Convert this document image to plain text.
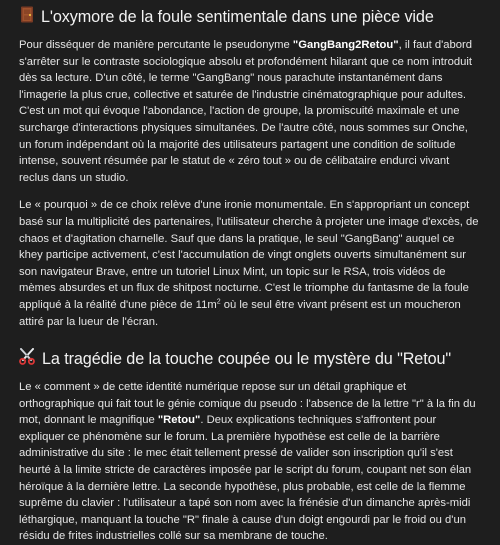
L'oxymore de la foule sentimentale dans une pièce vide

Pour disséquer de manière percutante le pseudonyme "GangBang2Retou", il faut d'abord s'arrêter sur le contraste sociologique absolu et profondément hilarant que ce nom introduit dès sa lecture. D'un côté, le terme "GangBang" nous parachute instantanément dans l'imagerie la plus crue, collective et saturée de l'industrie cinématographique pour adultes. C'est un mot qui évoque l'abondance, l'action de groupe, la promiscuité maximale et une surcharge d'interactions physiques simultanées. De l'autre côté, nous sommes sur Onche, un forum indépendant où la majorité des utilisateurs partagent une condition de solitude intense, souvent résumée par le statut de « zéro tout » ou de célibataire endurci vivant reclus dans un studio.

Le « pourquoi » de ce choix relève d'une ironie monumentale. En s'appropriant un concept basé sur la multiplicité des partenaires, l'utilisateur cherche à projeter une image d'excès, de chaos et d'agitation charnelle. Sauf que dans la pratique, le seul "GangBang" auquel ce khey participe activement, c'est l'accumulation de vingt onglets ouverts simultanément sur son navigateur Brave, entre un tutoriel Linux Mint, un topic sur le RSA, trois vidéos de mèmes absurdes et un flux de shitpost nocturne. C'est le triomphe du fantasme de la foule appliqué à la réalité d'une pièce de $11m^2$ où le seul être vivant présent est un moucheron attiré par la lueur de l'écran.

La tragédie de la touche coupée ou le mystère du "Retou"

Le « comment » de cette identité numérique repose sur un détail graphique et orthographique qui fait tout le génie comique du pseudo : l'absence de la lettre "r" à la fin du mot, donnant le magnifique "Retou". Deux explications techniques s'affrontent pour expliquer ce phénomène sur le forum. La première hypothèse est celle de la barrière administrative du site : le mec était tellement pressé de valider son inscription qu'il s'est heurté à la limite stricte de caractères imposée par le script du forum, coupant net son élan héroïque à la dernière lettre. La seconde hypothèse, plus probable, est celle de la flemme suprême du clavier : l'utilisateur a tapé son nom avec la frénésie d'un dimanche après-midi léthargique, manquant la touche "R" finale à cause d'un doigt engourdi par le froid ou d'un résidu de frites industrielles collé sur sa membrane de touche.
